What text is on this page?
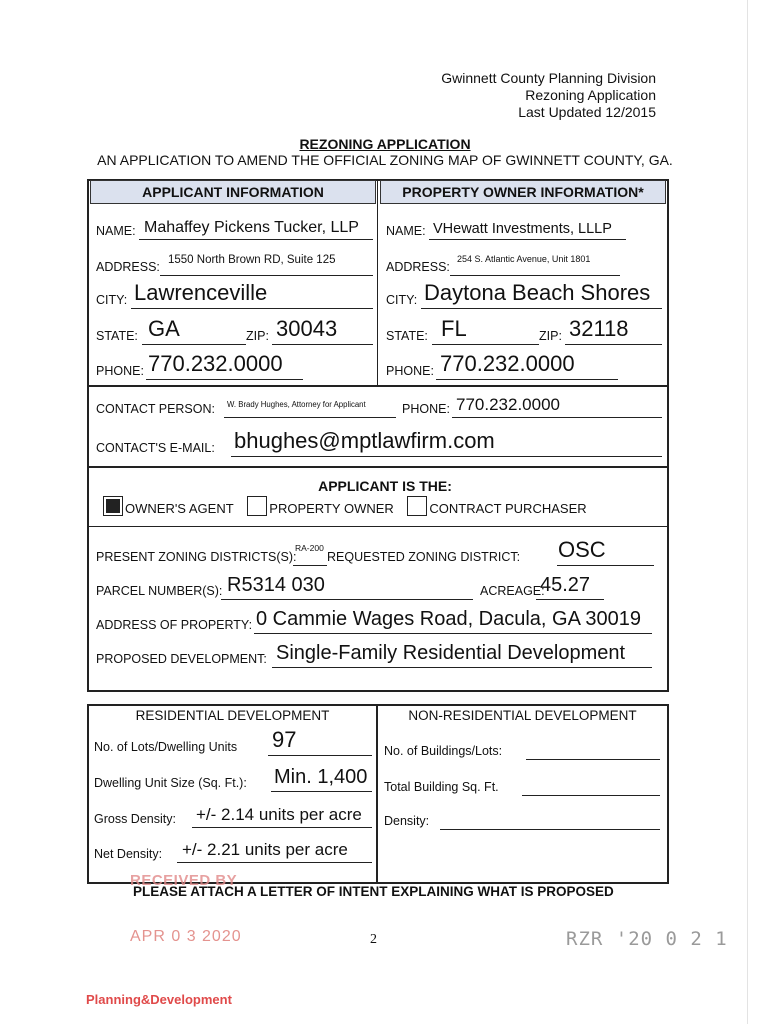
Gwinnett County Planning Division
Rezoning Application
Last Updated 12/2015
REZONING APPLICATION
AN APPLICATION TO AMEND THE OFFICIAL ZONING MAP OF GWINNETT COUNTY, GA.
APPLICANT INFORMATION	PROPERTY OWNER INFORMATION*
NAME: Mahaffey Pickens Tucker, LLP
ADDRESS: 1550 North Brown RD, Suite 125
CITY: Lawrenceville
STATE: GA	ZIP: 30043
PHONE: 770.232.0000
NAME: VHewatt Investments, LLLP
ADDRESS:
254 S. Atlantic Avenue, Unit 1801
CITY: Daytona Beach Shores
STATE: FL	ZIP: 32118
PHONE: 770.232.0000
CONTACT PERSON: W. Brady Hughes, Attorney for Applicant	PHONE: 770.232.0000
CONTACT'S E-MAIL: bhughes@mptlawfirm.com
APPLICANT IS THE:
OWNER'S AGENT	PROPERTY OWNER	CONTRACT PURCHASER
PRESENT ZONING DISTRICTS(S):
RA-200
REQUESTED ZONING DISTRICT: OSC
PARCEL NUMBER(S): R5314 030	ACREAGE:
45.27
ADDRESS OF PROPERTY: 0 Cammie Wages Road, Dacula, GA 30019
PROPOSED DEVELOPMENT: Single-Family Residential Development
RESIDENTIAL DEVELOPMENT	NON-RESIDENTIAL DEVELOPMENT
No. of Lots/Dwelling Units 97
Dwelling Unit Size (Sq. Ft.): Min. 1,400
Gross Density: +/- 2.14 units per acre
Net Density: +/- 2.21 units per acre
No. of Buildings/Lots:
Total Building Sq. Ft.
Density:
RECEIVED BY
PLEASE ATTACH A LETTER OF INTENT EXPLAINING WHAT IS PROPOSED
APR 0 3 2020	2	RZR '20 0 2 1
Planning&Development
